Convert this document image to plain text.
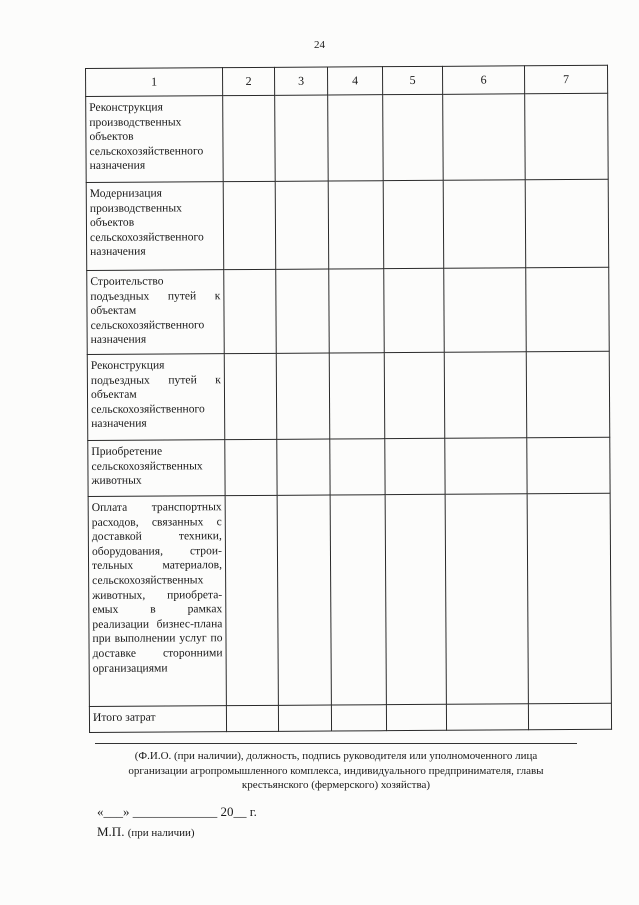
24
1	2	3	4	5	6	7
Реконструкция производственных объектов сельскохозяйственного назначения						
Модернизация производственных объектов сельскохозяйственного назначения						
Строительство подъездных путей к объектам сельскохозяйственного назначения						
Реконструкция подъездных путей к объектам сельскохозяйственного назначения						
Приобретение сельскохозяйственных животных						
Оплата транспортных расходов, связанных с доставкой техники, оборудования, строи-тельных материалов, сельскохозяйственных животных, приобрета-емых в рамках реализации бизнес-плана при выполнении услуг по доставке сторонними организациями						
Итого затрат						
(Ф.И.О. (при наличии), должность, подпись руководителя или уполномоченного лица
организации агропромышленного комплекса, индивидуального предпринимателя, главы
крестьянского (фермерского) хозяйства)
«___» _____________ 20__ г.
М.П. (при наличии)
